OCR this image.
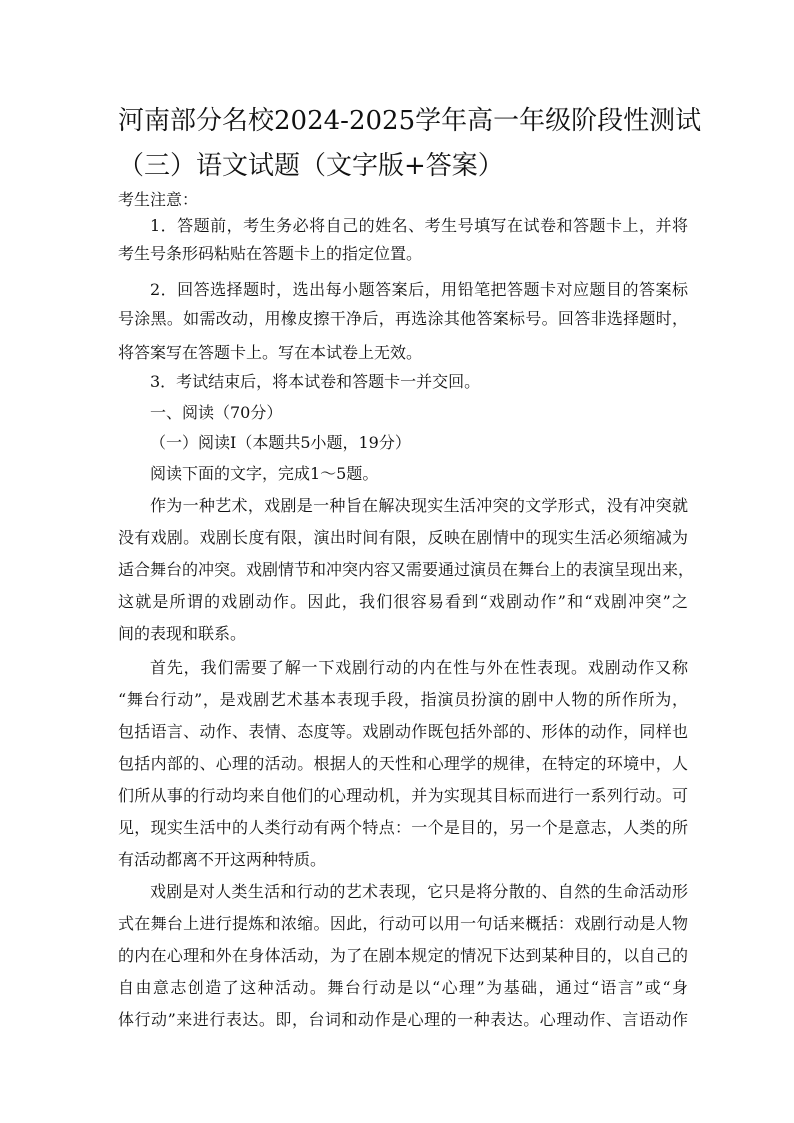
河南部分名校2024-2025学年高一年级阶段性测试
（三）语文试题（文字版+答案）
考生注意：
1．答题前，考生务必将自己的姓名、考生号填写在试卷和答题卡上，并将
考生号条形码粘贴在答题卡上的指定位置。
2．回答选择题时，选出每小题答案后，用铅笔把答题卡对应题目的答案标
号涂黑。如需改动，用橡皮擦干净后，再选涂其他答案标号。回答非选择题时，
将答案写在答题卡上。写在本试卷上无效。
3．考试结束后，将本试卷和答题卡一并交回。
一、阅读（70分）
（一）阅读Ⅰ（本题共5小题，19分）
阅读下面的文字，完成1～5题。
作为一种艺术，戏剧是一种旨在解决现实生活冲突的文学形式，没有冲突就
没有戏剧。戏剧长度有限，演出时间有限，反映在剧情中的现实生活必须缩减为
适合舞台的冲突。戏剧情节和冲突内容又需要通过演员在舞台上的表演呈现出来，
这就是所谓的戏剧动作。因此，我们很容易看到“戏剧动作”和“戏剧冲突”之
间的表现和联系。
首先，我们需要了解一下戏剧行动的内在性与外在性表现。戏剧动作又称
“舞台行动”，是戏剧艺术基本表现手段，指演员扮演的剧中人物的所作所为，
包括语言、动作、表情、态度等。戏剧动作既包括外部的、形体的动作，同样也
包括内部的、心理的活动。根据人的天性和心理学的规律，在特定的环境中，人
们所从事的行动均来自他们的心理动机，并为实现其目标而进行一系列行动。可
见，现实生活中的人类行动有两个特点：一个是目的，另一个是意志，人类的所
有活动都离不开这两种特质。
戏剧是对人类生活和行动的艺术表现，它只是将分散的、自然的生命活动形
式在舞台上进行提炼和浓缩。因此，行动可以用一句话来概括：戏剧行动是人物
的内在心理和外在身体活动，为了在剧本规定的情况下达到某种目的，以自己的
自由意志创造了这种活动。舞台行动是以“心理”为基础，通过“语言”或“身
体行动”来进行表达。即，台词和动作是心理的一种表达。心理动作、言语动作
